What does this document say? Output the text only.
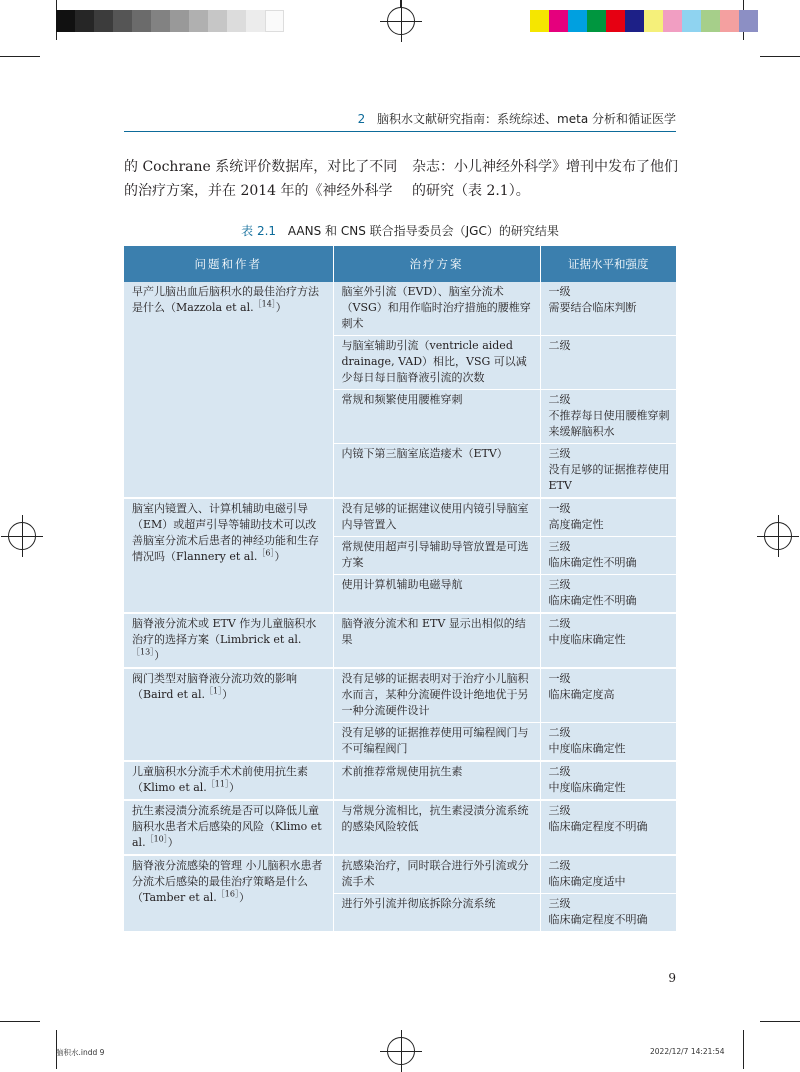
2 脑积水文献研究指南：系统综述、meta 分析和循证医学

的 Cochrane 系统评价数据库，对比了不同

的治疗方案，并在 2014 年的《神经外科学

杂志：小儿神经外科学》增刊中发布了他们

的研究（表 2.1）。

表 2.1 AANS 和 CNS 联合指导委员会（JGC）的研究结果
问题和作者	治疗方案	证据水平和强度
早产儿脑出血后脑积水的最佳治疗方法是什么（Mazzola et al.$^{[14]}$）	脑室外引流（EVD）、脑室分流术（VSG）和用作临时治疗措施的腰椎穿刺术	一级
需要结合临床判断

	与脑室辅助引流（ventricle aided drainage, VAD）相比，VSG 可以减少每日每日脑脊液引流的次数	二级

	常规和频繁使用腰椎穿刺	二级
不推荐每日使用腰椎穿刺来缓解脑积水

	内镜下第三脑室底造瘘术（ETV）	三级
没有足够的证据推荐使用 ETV

脑室内镜置入、计算机辅助电磁引导（EM）或超声引导等辅助技术可以改善脑室分流术后患者的神经功能和生存情况吗（Flannery et al.$^{[6]}$）	没有足够的证据建议使用内镜引导脑室内导管置入	一级
高度确定性

	常规使用超声引导辅助导管放置是可选方案	三级
临床确定性不明确

	使用计算机辅助电磁导航	三级
临床确定性不明确

脑脊液分流术或 ETV 作为儿童脑积水治疗的选择方案（Limbrick et al.$^{[13]}$）	脑脊液分流术和 ETV 显示出相似的结果	二级
中度临床确定性

阀门类型对脑脊液分流功效的影响（Baird et al.$^{[1]}$）	没有足够的证据表明对于治疗小儿脑积水而言，某种分流硬件设计绝地优于另一种分流硬件设计	一级
临床确定度高

	没有足够的证据推荐使用可编程阀门与不可编程阀门	二级
中度临床确定性

儿童脑积水分流手术术前使用抗生素（Klimo et al.$^{[11]}$）	术前推荐常规使用抗生素	二级
中度临床确定性

抗生素浸渍分流系统是否可以降低儿童脑积水患者术后感染的风险（Klimo et al.$^{[10]}$）	与常规分流相比，抗生素浸渍分流系统的感染风险较低	三级
临床确定程度不明确

脑脊液分流感染的管理 小儿脑积水患者分流术后感染的最佳治疗策略是什么（Tamber et al.$^{[16]}$）	抗感染治疗，同时联合进行外引流或分流手术	二级
临床确定度适中

	进行外引流并彻底拆除分流系统	三级
临床确定程度不明确
9
脑积水.indd 9	2022/12/7 14:21:54
